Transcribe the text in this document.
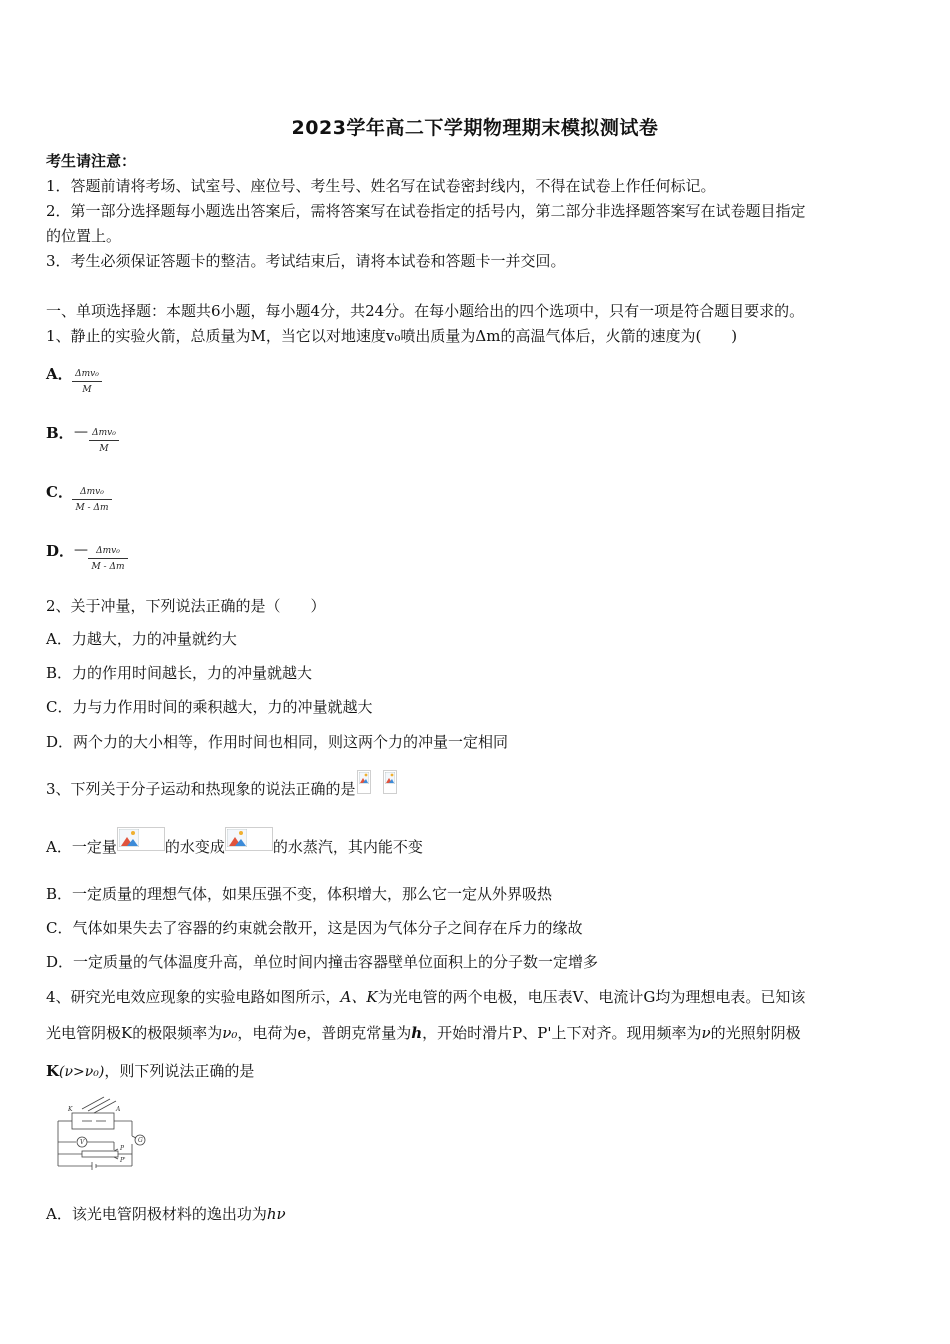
2023学年高二下学期物理期末模拟测试卷
考生请注意：
1．答题前请将考场、试室号、座位号、考生号、姓名写在试卷密封线内，不得在试卷上作任何标记。
2．第一部分选择题每小题选出答案后，需将答案写在试卷指定的括号内，第二部分非选择题答案写在试卷题目指定
的位置上。
3．考生必须保证答题卡的整洁。考试结束后，请将本试卷和答题卡一并交回。
一、单项选择题：本题共6小题，每小题4分，共24分。在每小题给出的四个选项中，只有一项是符合题目要求的。
1、静止的实验火箭，总质量为M，当它以对地速度v₀喷出质量为Δm的高温气体后，火箭的速度为(　　)
A． Δmv₀
M
B． — Δmv₀
M
C． Δmv₀
M - Δm
D． — Δmv₀
M - Δm
2、关于冲量，下列说法正确的是（　　）
A．力越大，力的冲量就约大
B．力的作用时间越长，力的冲量就越大
C．力与力作用时间的乘积越大，力的冲量就越大
D．两个力的大小相等，作用时间也相同，则这两个力的冲量一定相同
3、下列关于分子运动和热现象的说法正确的是
A．一定量	的水变成	的水蒸汽，其内能不变
B．一定质量的理想气体，如果压强不变，体积增大，那么它一定从外界吸热
C．气体如果失去了容器的约束就会散开，这是因为气体分子之间存在斥力的缘故
D．一定质量的气体温度升高，单位时间内撞击容器壁单位面积上的分子数一定增多
4、研究光电效应现象的实验电路如图所示，A、K为光电管的两个电极，电压表V、电流计G均为理想电表。已知该
光电管阴极K的极限频率为ν₀，电荷为e，普朗克常量为h，开始时滑片P、P'上下对齐。现用频率为ν的光照射阴极
K(ν>ν₀)，则下列说法正确的是
K	A
V	G
P
P'
A．该光电管阴极材料的逸出功为hν
